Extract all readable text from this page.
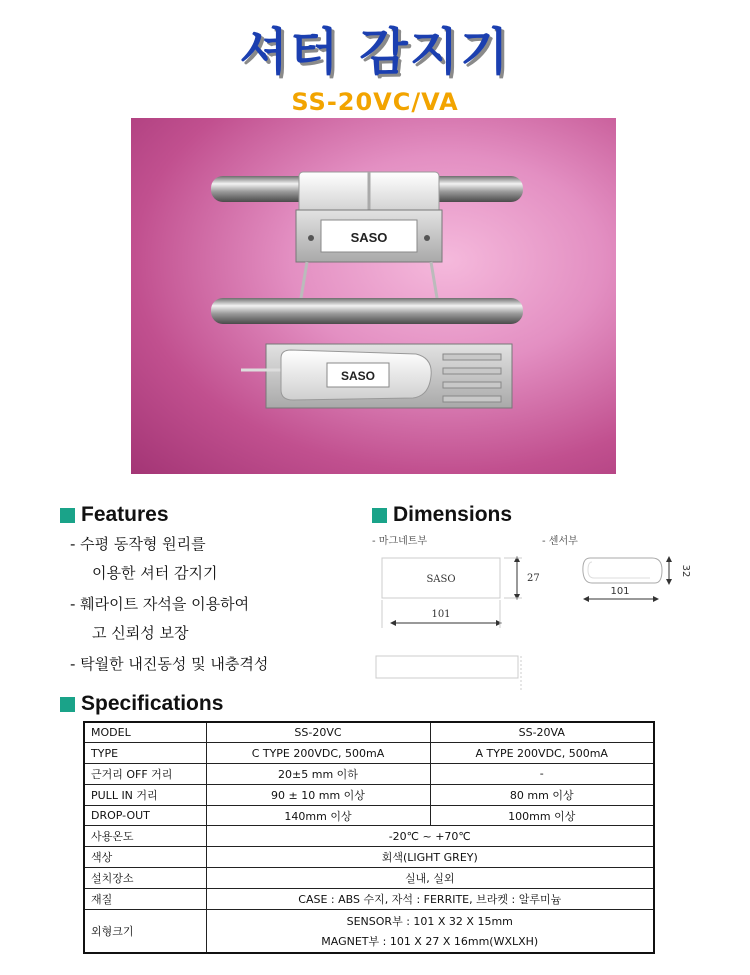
셔터 감지기
SS-20VC/VA
SASO
SASO
Features
- 수평 동작형 원리를
이용한 셔터 감지기
- 훼라이트 자석을 이용하여
고 신뢰성 보장
- 탁월한 내진동성 및 내충격성
Dimensions
- 마그네트부	- 센서부
SASO	27
101
32
101
Specifications
MODEL	SS-20VC	SS-20VA
TYPE	C TYPE 200VDC, 500mA	A TYPE 200VDC, 500mA
근거리 OFF 거리	20±5 mm 이하	-
PULL IN 거리	90 ± 10 mm 이상	80 mm 이상
DROP-OUT	140mm 이상	100mm 이상
사용온도	-20℃ ~ +70℃	
색상	회색(LIGHT GREY)	
설치장소	실내, 실외	
재질	CASE : ABS 수지, 자석 : FERRITE, 브라켓 : 알루미늄	
외형크기	SENSOR부 : 101 X 32 X 15mm
MAGNET부 : 101 X 27 X 16mm(WXLXH)	
